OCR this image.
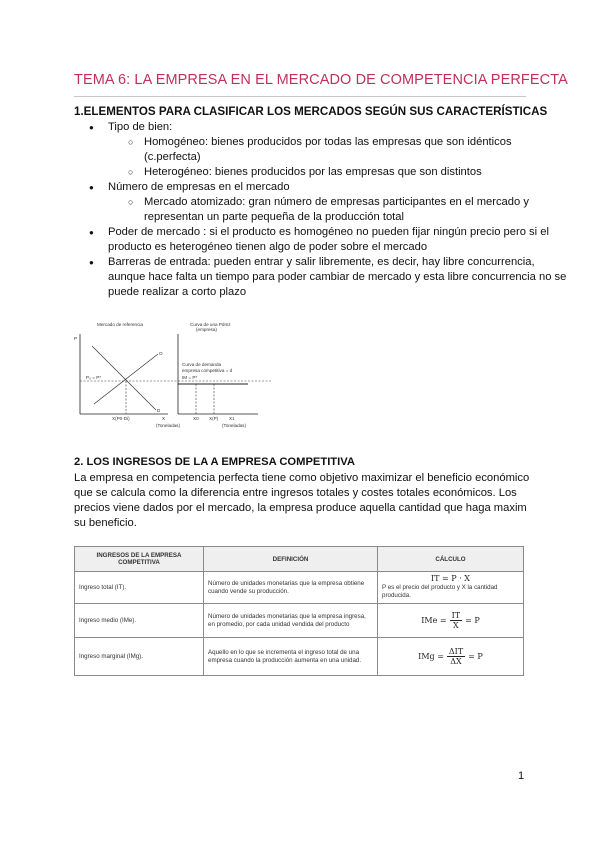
TEMA 6: LA EMPRESA EN EL MERCADO DE COMPETENCIA PERFECTA
1.ELEMENTOS PARA CLASIFICAR LOS MERCADOS SEGÚN SUS CARACTERÍSTICAS
● Tipo de bien:
○ Homogéneo: bienes producidos por todas las empresas que son idénticos (c.perfecta)
○ Heterogéneo: bienes producidos por las empresas que son distintos
● Número de empresas en el mercado
○ Mercado atomizado: gran número de empresas participantes en el mercado y representan un parte pequeña de la producción total
● Poder de mercado : si el producto es homogéneo no pueden fijar ningún precio pero si el producto es heterogéneo tienen algo de poder sobre el mercado
● Barreras de entrada: pueden entrar y salir libremente, es decir, hay libre concurrencia, aunque hace falta un tiempo para poder cambiar de mercado y esta libre concurrencia no se puede realizar a corto plazo
Mercado de referencia	Curva de una Pdmz
(empresa)
P
O
D
P₀ = P*
X(P0·Di)	X
(Toneladas)
Curva de demanda
empresa competitiva = d
IM = P*
X0 X(P) X1
(Toneladas)
2. LOS INGRESOS DE LA A EMPRESA COMPETITIVA
La empresa en competencia perfecta tiene como objetivo maximizar el beneficio económico que se calcula como la diferencia entre ingresos totales y costes totales económicos. Los precios viene dados por el mercado, la empresa produce aquella cantidad que haga maxim su beneficio.
INGRESOS DE LA EMPRESA COMPETITIVA	DEFINICIÓN	CÁLCULO
Ingreso total (IT).	Número de unidades monetarias que la empresa obtiene cuando vende su producción.	IT = P · X
P es el precio del producto y X la cantidad producida.

Ingreso medio (IMe).	Número de unidades monetarias que la empresa ingresa, en promedio, por cada unidad vendida del producto	IMe = $\frac{IT}{X} = P$

Ingreso marginal (IMg).	Aquello en lo que se incrementa el ingreso total de una empresa cuando la producción aumenta en una unidad.	IMg = $\frac{\text{ΔIT}}{\Delta X} = P$
1
